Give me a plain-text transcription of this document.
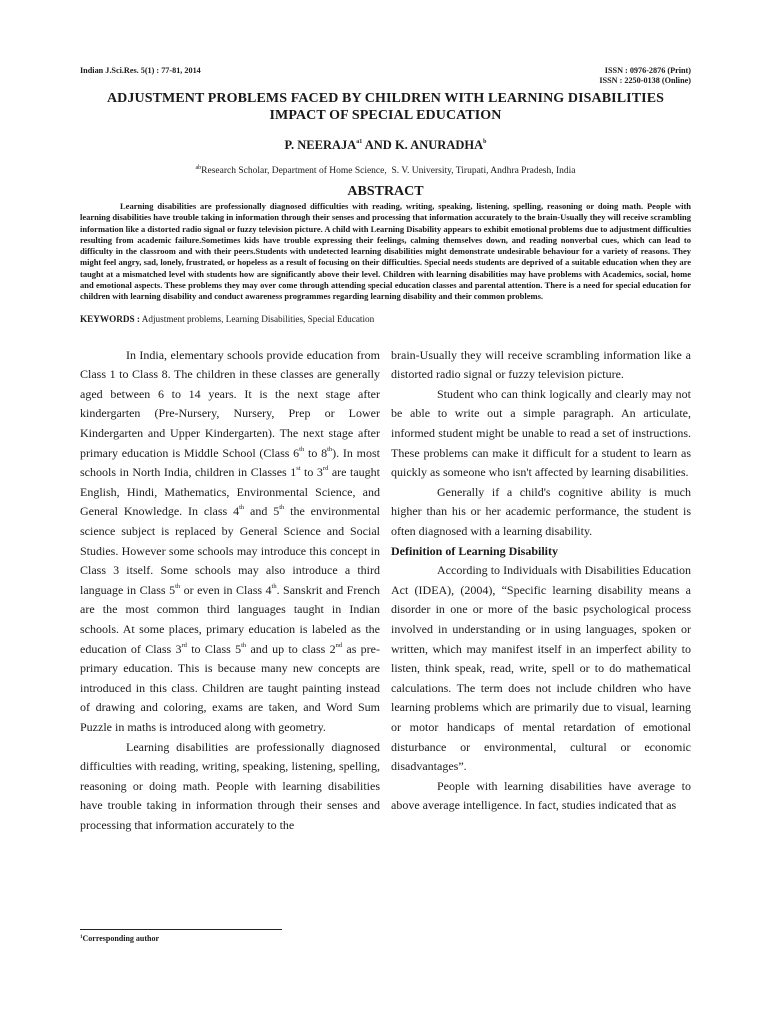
Indian J.Sci.Res. 5(1) : 77-81, 2014	ISSN : 0976-2876 (Print)
ISSN : 2250-0138 (Online)
ADJUSTMENT PROBLEMS FACED BY CHILDREN WITH LEARNING DISABILITIES
IMPACT OF SPECIAL EDUCATION
P. $NEERAJA^{a1}$ AND K. ANURADHA$^b$
$^{ab}$Research Scholar, Department of Home Science,  S. V. University, Tirupati, Andhra Pradesh, India
ABSTRACT
Learning disabilities are professionally diagnosed difficulties with reading, writing, speaking, listening, spelling, reasoning or doing math. People with learning disabilities have trouble taking in information through their senses and processing that information accurately to the brain-Usually they will receive scrambling information like a distorted radio signal or fuzzy television picture. A child with Learning Disability appears to exhibit emotional problems due to adjustment difficulties resulting from academic failure.Sometimes kids have trouble expressing their feelings, calming themselves down, and reading nonverbal cues, which can lead to difficulty in the classroom and with their peers.Students with undetected learning disabilities might demonstrate undesirable behaviour for a variety of reasons. They might feel angry, sad, lonely, frustrated, or hopeless as a result of focusing on their difficulties. Special needs students are deprived of a suitable education when they are taught at a mismatched level with students how are significantly above their level. Children with learning disabilities may have problems with Academics, social, home and emotional aspects. These problems they may over come through attending special education classes and parental attention. There is a need for special education for children with learning disability and conduct awareness programmes regarding learning disability and their common problems.
KEYWORDS : Adjustment problems, Learning Disabilities, Special Education

In India, elementary schools provide education from Class 1 to Class 8. The children in these classes are generally aged between 6 to 14 years. It is the next stage after kindergarten (Pre-Nursery, Nursery, Prep or Lower Kindergarten and Upper Kindergarten). The next stage after primary education is Middle School (Class 6th to 8th). In most schools in North India, children in Classes 1st to 3rd are taught English, Hindi, Mathematics, Environmental Science, and General Knowledge. In class 4th and 5th the environmental science subject is replaced by General Science and Social Studies. However some schools may introduce this concept in Class 3 itself. Some schools may also introduce a third language in Class 5th or even in Class 4th. Sanskrit and French are the most common third languages taught in Indian schools. At some places, primary education is labeled as the education of Class 3rd to Class 5th and up to class 2nd as pre-primary education. This is because many new concepts are introduced in this class. Children are taught painting instead of drawing and coloring, exams are taken, and Word Sum Puzzle in maths is introduced along with geometry.

Learning disabilities are professionally diagnosed difficulties with reading, writing, speaking, listening, spelling, reasoning or doing math. People with learning disabilities have trouble taking in information through their senses and processing that information accurately to the

brain-Usually they will receive scrambling information like a distorted radio signal or fuzzy television picture.

Student who can think logically and clearly may not be able to write out a simple paragraph. An articulate, informed student might be unable to read a set of instructions. These problems can make it difficult for a student to learn as quickly as someone who isn't affected by learning disabilities.

Generally if a child's cognitive ability is much higher than his or her academic performance, the student is often diagnosed with a learning disability.

Definition of Learning Disability

According to Individuals with Disabilities Education Act (IDEA), (2004), “Specific learning disability means a disorder in one or more of the basic psychological process involved in understanding or in using languages, spoken or written, which may manifest itself in an imperfect ability to listen, think speak, read, write, spell or to do mathematical calculations. The term does not include children who have learning problems which are primarily due to visual, learning or motor handicaps of mental retardation of emotional disturbance or environmental, cultural or economic disadvantages”.

People with learning disabilities have average to above average intelligence. In fact, studies indicated that as

$^1$Corresponding author
